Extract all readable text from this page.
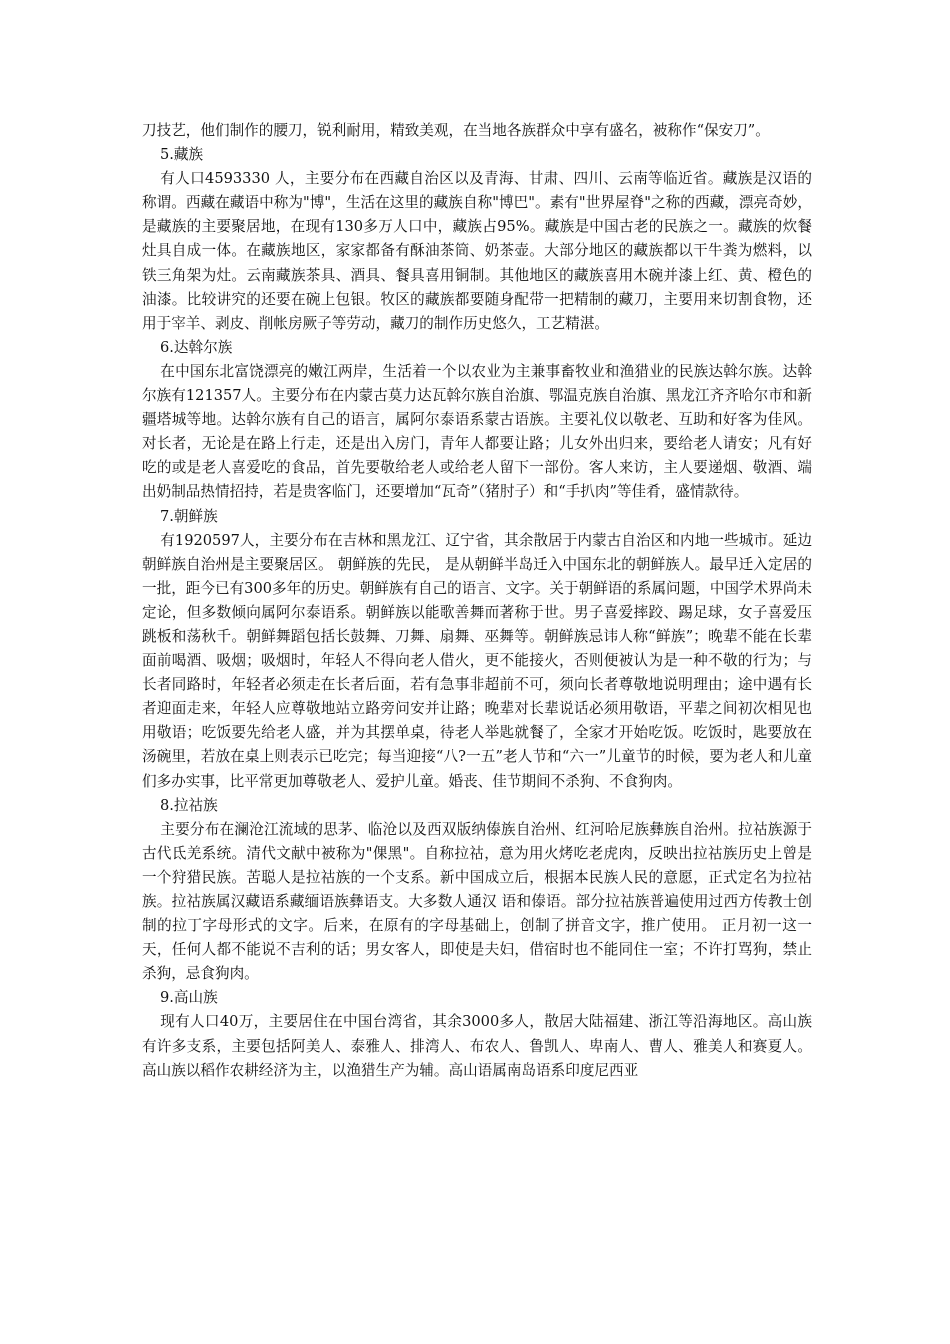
刀技艺，他们制作的腰刀，锐利耐用，精致美观，在当地各族群众中享有盛名，被称作“保安刀”。

5.藏族

有人口4593330 人，主要分布在西藏自治区以及青海、甘肃、四川、云南等临近省。藏族是汉语的称谓。西藏在藏语中称为"博"，生活在这里的藏族自称"博巴"。素有"世界屋脊"之称的西藏，漂亮奇妙，是藏族的主要聚居地，在现有130多万人口中，藏族占95%。藏族是中国古老的民族之一。藏族的炊餐灶具自成一体。在藏族地区，家家都备有酥油茶筒、奶茶壶。大部分地区的藏族都以干牛粪为燃料，以铁三角架为灶。云南藏族茶具、酒具、餐具喜用铜制。其他地区的藏族喜用木碗并漆上红、黄、橙色的油漆。比较讲究的还要在碗上包银。牧区的藏族都要随身配带一把精制的藏刀，主要用来切割食物，还用于宰羊、剥皮、削帐房厥子等劳动，藏刀的制作历史悠久，工艺精湛。

6.达斡尔族

在中国东北富饶漂亮的嫩江两岸，生活着一个以农业为主兼事畜牧业和渔猎业的民族达斡尔族。达斡尔族有121357人。主要分布在内蒙古莫力达瓦斡尔族自治旗、鄂温克族自治旗、黑龙江齐齐哈尔市和新疆塔城等地。达斡尔族有自己的语言，属阿尔泰语系蒙古语族。主要礼仪以敬老、互助和好客为佳风。对长者，无论是在路上行走，还是出入房门，青年人都要让路；儿女外出归来，要给老人请安；凡有好吃的或是老人喜爱吃的食品，首先要敬给老人或给老人留下一部份。客人来访，主人要递烟、敬酒、端出奶制品热情招持，若是贵客临门，还要增加“瓦奇”（猪肘子）和“手扒肉”等佳肴，盛情款待。

7.朝鲜族

有1920597人，主要分布在吉林和黑龙江、辽宁省，其余散居于内蒙古自治区和内地一些城市。延边朝鲜族自治州是主要聚居区。 朝鲜族的先民， 是从朝鲜半岛迁入中国东北的朝鲜族人。最早迁入定居的一批，距今已有300多年的历史。朝鲜族有自己的语言、文字。关于朝鲜语的系属问题，中国学术界尚未定论，但多数倾向属阿尔泰语系。朝鲜族以能歌善舞而著称于世。男子喜爱摔跤、踢足球，女子喜爱压跳板和荡秋千。朝鲜舞蹈包括长鼓舞、刀舞、扇舞、巫舞等。朝鲜族忌讳人称“鲜族”；晚辈不能在长辈面前喝酒、吸烟；吸烟时，年轻人不得向老人借火，更不能接火，否则便被认为是一种不敬的行为；与长者同路时，年轻者必须走在长者后面，若有急事非超前不可，须向长者尊敬地说明理由；途中遇有长者迎面走来，年轻人应尊敬地站立路旁问安并让路；晚辈对长辈说话必须用敬语，平辈之间初次相见也用敬语；吃饭要先给老人盛，并为其摆单桌，待老人举匙就餐了，全家才开始吃饭。吃饭时，匙要放在汤碗里，若放在桌上则表示已吃完；每当迎接“八?一五”老人节和“六一”儿童节的时候，要为老人和儿童们多办实事，比平常更加尊敬老人、爱护儿童。婚丧、佳节期间不杀狗、不食狗肉。

8.拉祜族

主要分布在澜沧江流域的思茅、临沧以及西双版纳傣族自治州、红河哈尼族彝族自治州。拉祜族源于古代氐羌系统。清代文献中被称为"倮黑"。自称拉祜，意为用火烤吃老虎肉，反映出拉祜族历史上曾是一个狩猎民族。苦聪人是拉祜族的一个支系。新中国成立后，根据本民族人民的意愿，正式定名为拉祜族。拉祜族属汉藏语系藏缅语族彝语支。大多数人通汉 语和傣语。部分拉祜族普遍使用过西方传教士创制的拉丁字母形式的文字。后来，在原有的字母基础上，创制了拼音文字，推广使用。 正月初一这一天，任何人都不能说不吉利的话；男女客人，即使是夫妇，借宿时也不能同住一室；不许打骂狗，禁止杀狗，忌食狗肉。

9.高山族

现有人口40万，主要居住在中国台湾省，其余3000多人，散居大陆福建、浙江等沿海地区。高山族有许多支系，主要包括阿美人、泰雅人、排湾人、布农人、鲁凯人、卑南人、曹人、雅美人和赛夏人。高山族以稻作农耕经济为主，以渔猎生产为辅。高山语属南岛语系印度尼西亚
